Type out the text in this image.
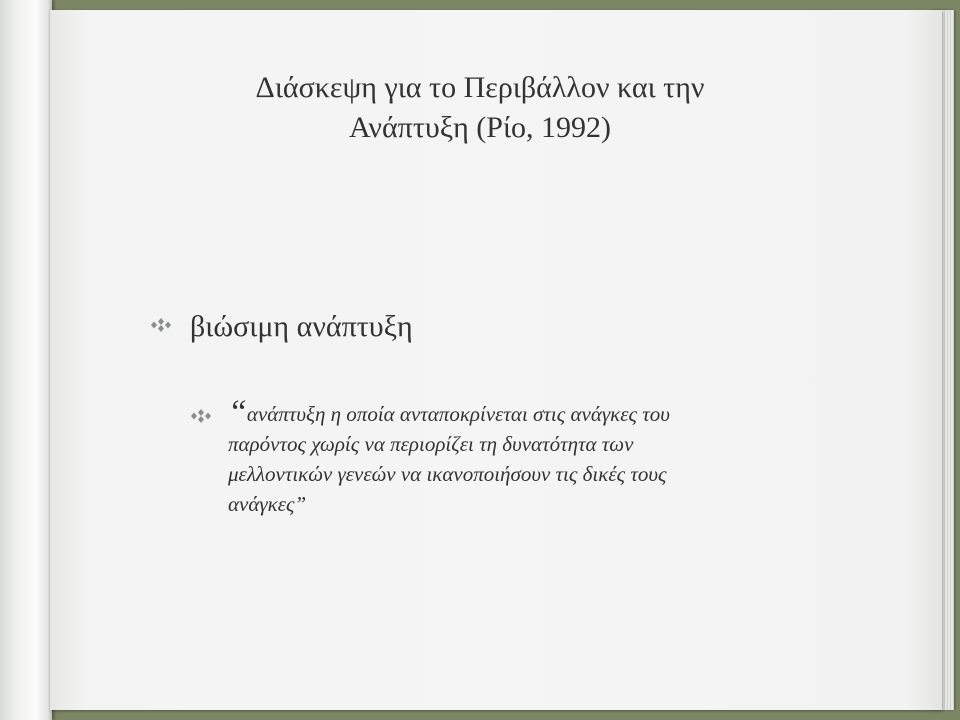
Διάσκεψη για το Περιβάλλον και την
Ανάπτυξη (Ρίο, 1992)
βιώσιμη ανάπτυξη
“ανάπτυξη η οποία ανταποκρίνεται στις ανάγκες του
παρόντος χωρίς να περιορίζει τη δυνατότητα των
μελλοντικών γενεών να ικανοποιήσουν τις δικές τους
ανάγκες”
